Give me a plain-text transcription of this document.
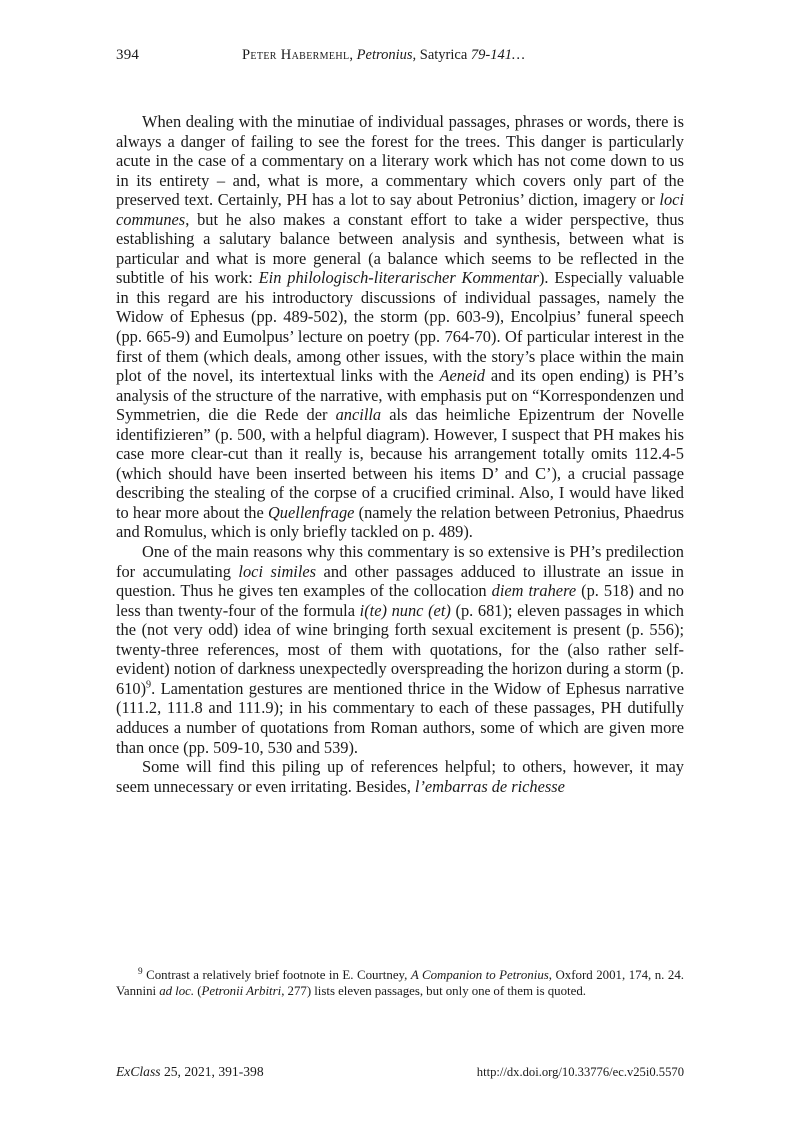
394	Peter Habermehl, Petronius, Satyrica 79-141…

When dealing with the minutiae of individual passages, phrases or words, there is always a danger of failing to see the forest for the trees. This danger is particularly acute in the case of a commentary on a literary work which has not come down to us in its entirety – and, what is more, a commentary which covers only part of the preserved text. Certainly, PH has a lot to say about Petronius’ diction, imagery or loci communes, but he also makes a constant effort to take a wider perspective, thus establishing a salutary balance between analysis and synthesis, between what is particular and what is more general (a balance which seems to be reflected in the subtitle of his work: Ein philologisch-literarischer Kommentar). Especially valuable in this regard are his introductory discussions of individual passages, namely the Widow of Ephesus (pp. 489-502), the storm (pp. 603-9), Encolpius’ funeral speech (pp. 665-9) and Eumolpus’ lecture on poetry (pp. 764-70). Of particular interest in the first of them (which deals, among other issues, with the story’s place within the main plot of the novel, its intertextual links with the Aeneid and its open ending) is PH’s analysis of the structure of the narrative, with emphasis put on “Korrespondenzen und Symmetrien, die die Rede der ancilla als das heimliche Epizentrum der Novelle identifizieren” (p. 500, with a helpful diagram). However, I suspect that PH makes his case more clear-cut than it really is, because his arrangement totally omits 112.4-5 (which should have been inserted between his items D’ and C’), a crucial passage describing the stealing of the corpse of a crucified criminal. Also, I would have liked to hear more about the Quellenfrage (namely the relation between Petronius, Phaedrus and Romulus, which is only briefly tackled on p. 489).

One of the main reasons why this commentary is so extensive is PH’s predilection for accumulating loci similes and other passages adduced to illustrate an issue in question. Thus he gives ten examples of the collocation diem trahere (p. 518) and no less than twenty-four of the formula i(te) nunc (et) (p. 681); eleven passages in which the (not very odd) idea of wine bringing forth sexual excitement is present (p. 556); twenty-three references, most of them with quotations, for the (also rather self-evident) notion of darkness unexpectedly overspreading the horizon during a storm (p. 610)$^9$. Lamentation gestures are mentioned thrice in the Widow of Ephesus narrative (111.2, 111.8 and 111.9); in his commentary to each of these passages, PH dutifully adduces a number of quotations from Roman authors, some of which are given more than once (pp. 509-10, 530 and 539).

Some will find this piling up of references helpful; to others, however, it may seem unnecessary or even irritating. Besides, l’embarras de richesse

$^9$ Contrast a relatively brief footnote in E. Courtney, A Companion to Petronius, Oxford 2001, 174, n. 24. Vannini ad loc. (Petronii Arbitri, 277) lists eleven passages, but only one of them is quoted.

ExClass 25, 2021, 391-398	http://dx.doi.org/10.33776/ec.v25i0.5570
